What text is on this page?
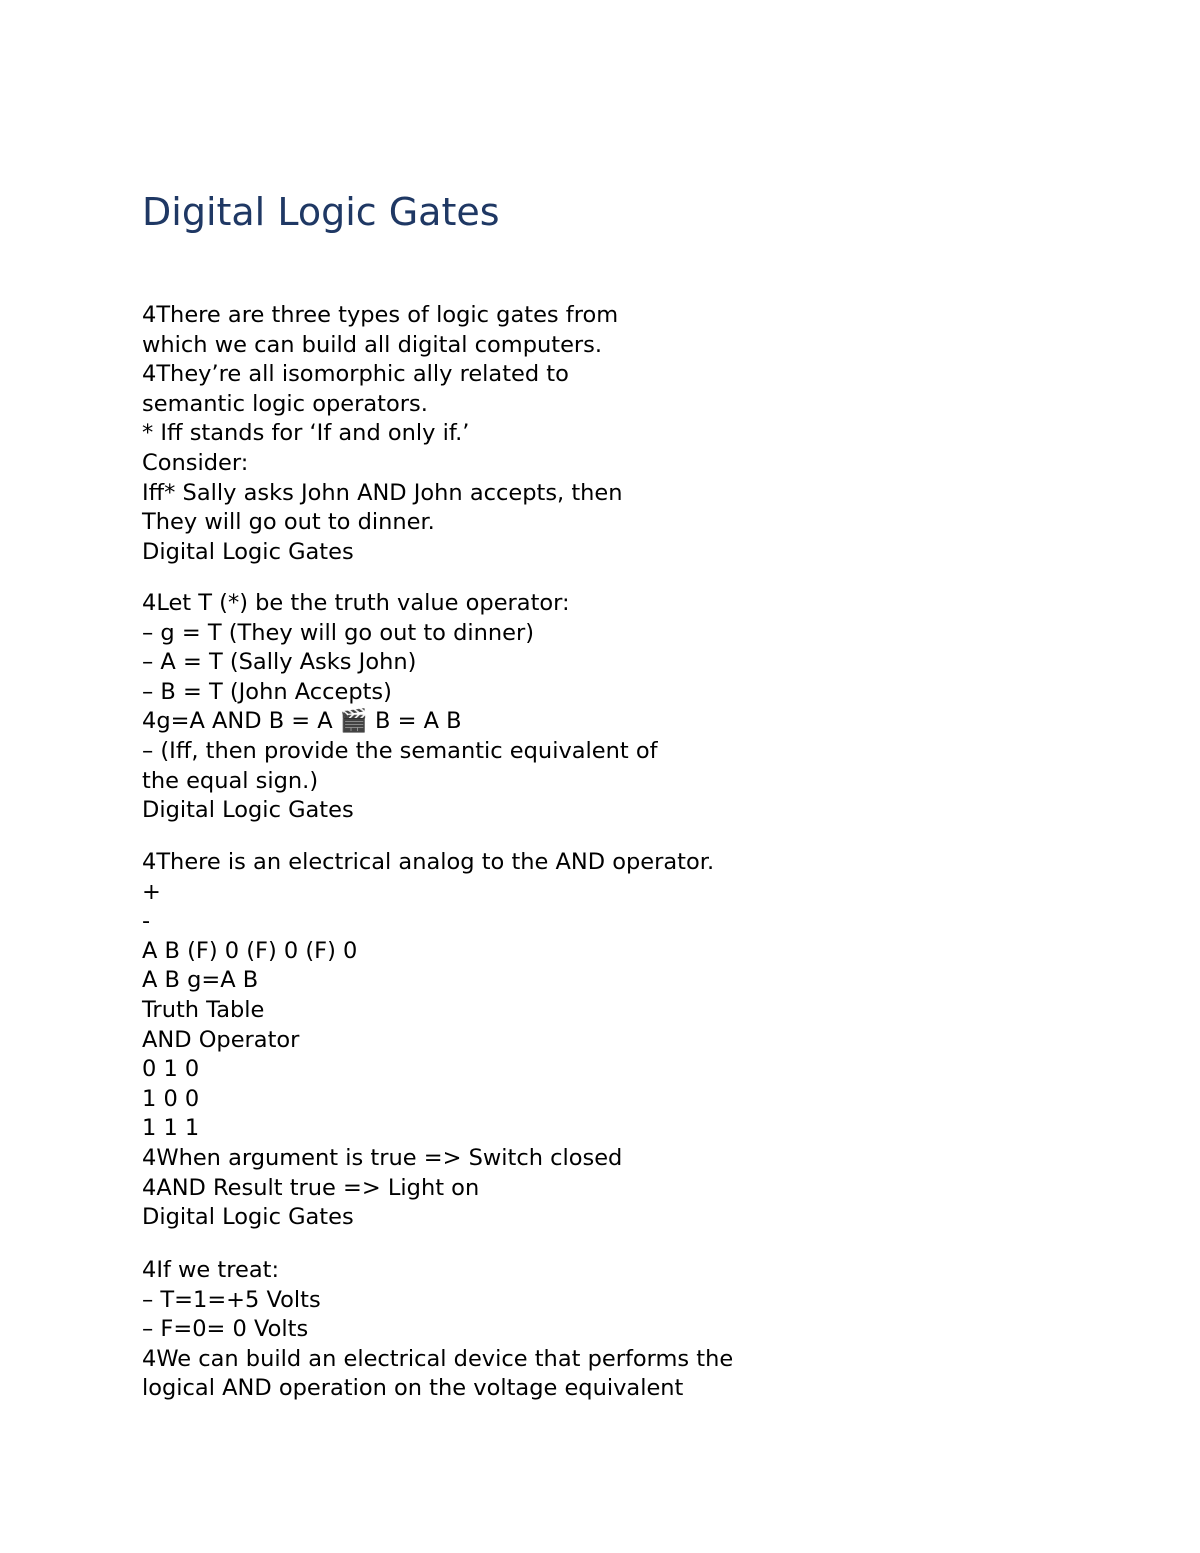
Digital Logic Gates
4There are three types of logic gates from
which we can build all digital computers.
4They’re all isomorphic ally related to
semantic logic operators.
* Iff stands for ‘If and only if.’
Consider:
Iff* Sally asks John AND John accepts, then
They will go out to dinner.
Digital Logic Gates
4Let T (*) be the truth value operator:
– g = T (They will go out to dinner)
– A = T (Sally Asks John)
– B = T (John Accepts)
4g=A AND B = A 🎬 B = A B
– (Iff, then provide the semantic equivalent of
the equal sign.)
Digital Logic Gates
4There is an electrical analog to the AND operator.
+
-
A B (F) 0 (F) 0 (F) 0
A B g=A B
Truth Table
AND Operator
0 1 0
1 0 0
1 1 1
4When argument is true => Switch closed
4AND Result true => Light on
Digital Logic Gates
4If we treat:
– T=1=+5 Volts
– F=0= 0 Volts
4We can build an electrical device that performs the
logical AND operation on the voltage equivalent
